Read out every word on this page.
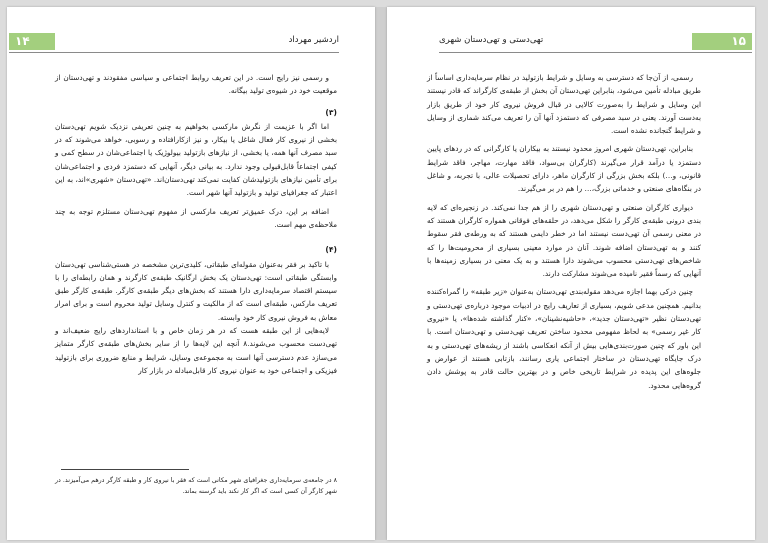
۱۴	اردشیر مهرداد

و رسمی نیز رایج است. در این تعریف روابط اجتماعی و سیاسی مفقودند و تهی‌دستان از موقعیت خود در شیوه‌ی تولید بیگانه.

(۳)

اما اگر با عزیمت از نگرش مارکسی بخواهیم به چنین تعریفی نزدیک شویم تهی‌دستان بخشی از نیروی کار فعال شاغل یا بیکار، و نیز ازکارافتاده و رسوبی، خواهد می‌شوند که در سبد مصرف آنها همه، یا بخشی، از نیازهای بازتولید بیولوژیک یا اجتماعی‌شان در سطح کمی و کیفی اجتماعاً قابل‌قبولی وجود ندارد. به بیانی دیگر، آنهایی که دستمزد فردی و اجتماعی‌شان برای تأمین نیازهای بازتولیدشان کفایت نمی‌کند تهی‌دستان‌اند. «تهی‌دستان «شهری»‌اند، به این اعتبار که جغرافیای تولید و بازتولید آنها شهر است.

اضافه بر این، درک عمیق‌تر تعریف مارکسی از مفهوم تهی‌دستان مستلزم توجه به چند ملاحظه‌ی مهم است.

(۴)

با تاکید بر فقر به‌عنوان مقوله‌ای طبقاتی، کلیدی‌ترین مشخصه در هستی‌شناسی تهی‌دستان وابستگی طبقاتی است: تهی‌دستان یک بخش ارگانیک طبقه‌ی کارگرند و همان رابطه‌ای را با سیستم اقتصاد سرمایه‌داری دارا هستند که بخش‌های دیگر طبقه‌ی کارگر. طبقه‌ی کارگر طبق تعریف مارکس، طبقه‌ای است که از مالکیت و کنترل وسایل تولید محروم است و برای امرار معاش به فروش نیروی کار خود وابسته.

لایه‌هایی از این طبقه هست که در هر زمان خاص و با استانداردهای رایج ضعیف‌اند و تهی‌دست محسوب می‌شوند.۸ آنچه این لایه‌ها را از سایر بخش‌های طبقه‌ی کارگر متمایز می‌سازد عدم دسترسی آنها است به مجموعه‌ی وسایل، شرایط و منابع ضروری برای بازتولید فیزیکی و اجتماعی خود به عنوان نیروی کار قابل‌مبادله در بازار کار

۸ در جامعه‌ی سرمایه‌داری جغرافیای شهر مکانی است که فقر با نیروی کار و طبقه کارگر درهم می‌آمیزند. در شهر کارگر آن کسی است که اگر کار نکند باید گرسنه بماند.
۱۵
تهی‌دستی و تهی‌دستان شهری

رسمی، از آن‌جا که دسترسی به وسایل و شرایط بازتولید در نظام سرمایه‌داری اساساً از طریق مبادله تأمین می‌شود، بنابراین تهی‌دستان آن بخش از طبقه‌ی کارگراند که قادر نیستند این وسایل و شرایط را به‌صورت کالایی در قبال فروش نیروی کار خود از طریق بازار به‌دست آورند. یعنی در سبد مصرفی که دستمزد آنها آن را تعریف می‌کند شماری از وسایل و شرایط گنجانده نشده است.

بنابراین، تهی‌دستان شهری امروز محدود نیستند به بیکاران یا کارگرانی که در ردهای پایین دستمزد یا درآمد قرار می‌گیرند (کارگران بی‌سواد، فاقد مهارت، مهاجر، فاقد شرایط قانونی، و…) بلکه بخش بزرگی از کارگران ماهر، دارای تحصیلات عالی، با تجربه، و شاغل در بنگاه‌های صنعتی و خدماتی بزرگ،… را هم در بر می‌گیرند.

دیواری کارگران صنعتی و تهی‌دستان شهری را از هم جدا نمی‌کند. در زنجیره‌ای که لایه بندی درونی طبقه‌ی کارگر را شکل می‌دهد، در حلقه‌های فوقانی همواره کارگران هستند که در معنی رسمی آن تهی‌دست نیستند اما در خطر دایمی هستند که به ورطه‌ی فقر سقوط کنند و به تهی‌دستان اضافه شوند. آنان در موارد معینی بسیاری از محرومیت‌ها را که شاخص‌های تهی‌دستی محسوب می‌شوند دارا هستند و به یک معنی در بسیاری زمینه‌ها با آنهایی که رسماً فقیر نامیده می‌شوند مشارکت دارند.

چنین درکی بهما اجازه می‌دهد مقوله‌بندی تهی‌دستان به‌عنوان «زیر طبقه» را گمراه‌کننده بدانیم. همچنین مدعی شویم، بسیاری از تعاریف رایج در ادبیات موجود درباره‌ی تهی‌دستی و تهی‌دستان نظیر «تهی‌دستان جدید»، «حاشیه‌نشینان»، «کنار گذاشته شده‌ها»، یا «نیروی کار غیر رسمی» به لحاظ مفهومی محدود ساختن تعریف تهی‌دستی و تهی‌دستان است. با این باور که چنین صورت‌بندی‌هایی بیش از آنکه انعکاسی باشند از ریشه‌های تهی‌دستی و به درک جایگاه تهی‌دستان در ساختار اجتماعی یاری رسانند، بازتابی هستند از عوارض و جلوه‌های این پدیده در شرایط تاریخی خاص و در بهترین حالت قادر به پوشش دادن گروه‌هایی محدود.
